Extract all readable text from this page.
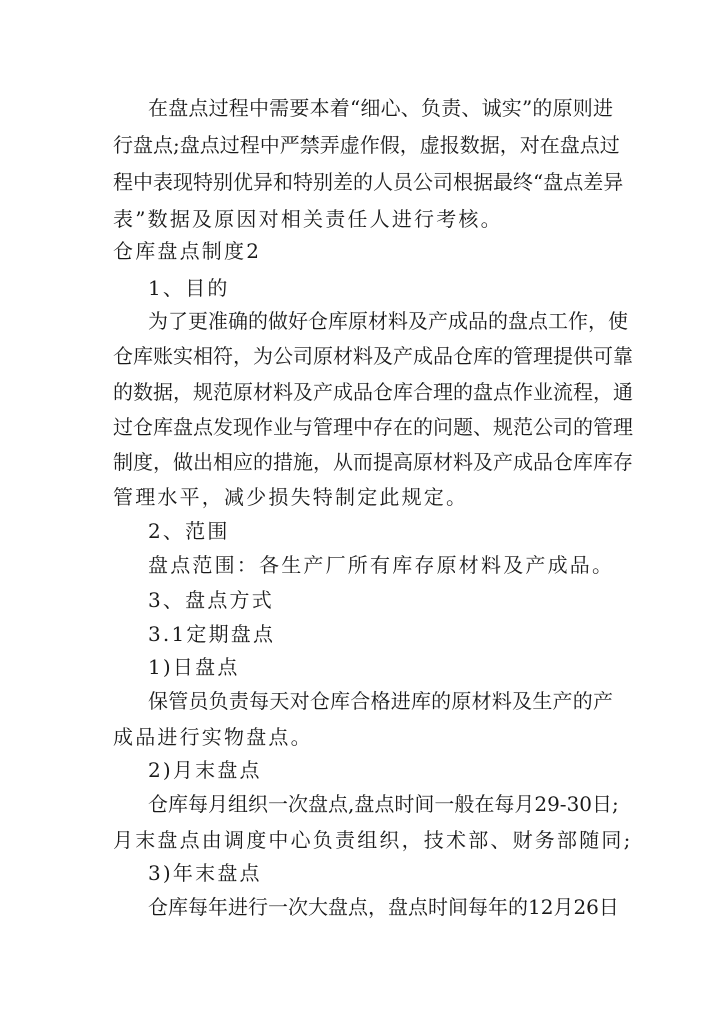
在盘点过程中需要本着“细心、负责、诚实”的原则进
行盘点;盘点过程中严禁弄虚作假，虚报数据，对在盘点过
程中表现特别优异和特别差的人员公司根据最终“盘点差异
表”数据及原因对相关责任人进行考核。
仓库盘点制度2
1、目的
为了更准确的做好仓库原材料及产成品的盘点工作，使
仓库账实相符，为公司原材料及产成品仓库的管理提供可靠
的数据，规范原材料及产成品仓库合理的盘点作业流程，通
过仓库盘点发现作业与管理中存在的问题、规范公司的管理
制度，做出相应的措施，从而提高原材料及产成品仓库库存
管理水平，减少损失特制定此规定。
2、范围
盘点范围：各生产厂所有库存原材料及产成品。
3、盘点方式
3.1定期盘点
1)日盘点
保管员负责每天对仓库合格进库的原材料及生产的产
成品进行实物盘点。
2)月末盘点
仓库每月组织一次盘点,盘点时间一般在每月29-30日;
月末盘点由调度中心负责组织，技术部、财务部随同;
3)年末盘点
仓库每年进行一次大盘点，盘点时间每年的12月26日
